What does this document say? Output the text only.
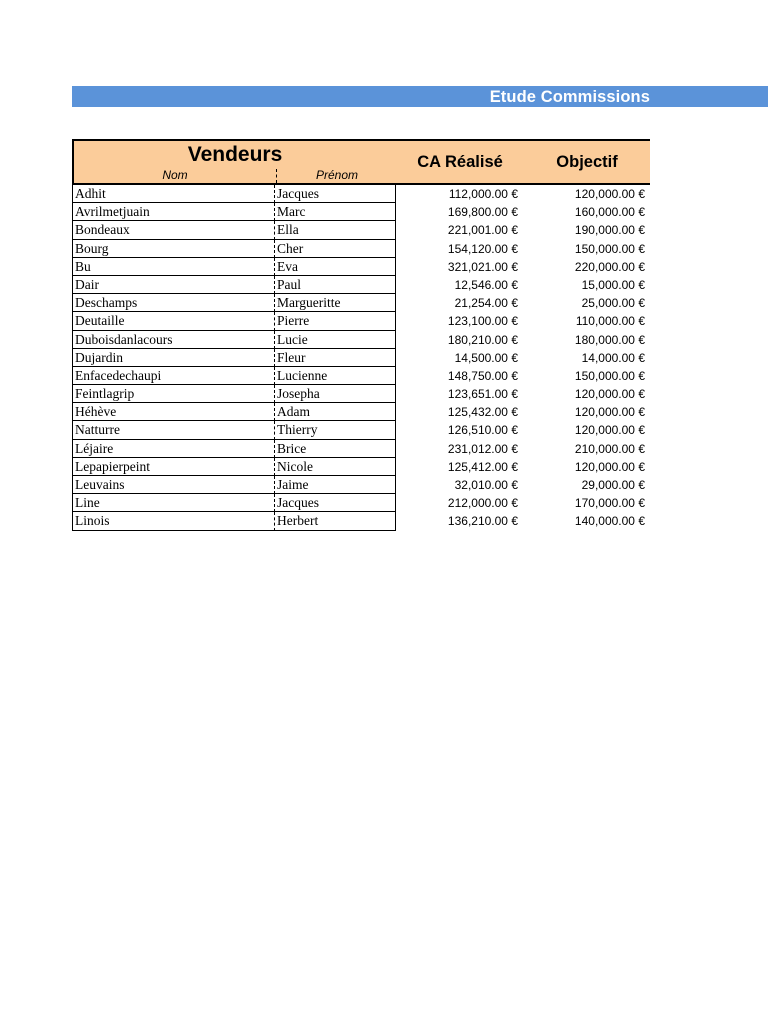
Etude Commissions
Vendeurs
Nom	Prénom
CA Réalisé	Objectif
Adhit	Jacques	112,000.00 €	120,000.00 €
Avrilmetjuain	Marc	169,800.00 €	160,000.00 €
Bondeaux	Ella	221,001.00 €	190,000.00 €
Bourg	Cher	154,120.00 €	150,000.00 €
Bu	Eva	321,021.00 €	220,000.00 €
Dair	Paul	12,546.00 €	15,000.00 €
Deschamps	Margueritte	21,254.00 €	25,000.00 €
Deutaille	Pierre	123,100.00 €	110,000.00 €
Duboisdanlacours	Lucie	180,210.00 €	180,000.00 €
Dujardin	Fleur	14,500.00 €	14,000.00 €
Enfacedechaupi	Lucienne	148,750.00 €	150,000.00 €
Feintlagrip	Josepha	123,651.00 €	120,000.00 €
Héhève	Adam	125,432.00 €	120,000.00 €
Natturre	Thierry	126,510.00 €	120,000.00 €
Léjaire	Brice	231,012.00 €	210,000.00 €
Lepapierpeint	Nicole	125,412.00 €	120,000.00 €
Leuvains	Jaime	32,010.00 €	29,000.00 €
Line	Jacques	212,000.00 €	170,000.00 €
Linois	Herbert	136,210.00 €	140,000.00 €
